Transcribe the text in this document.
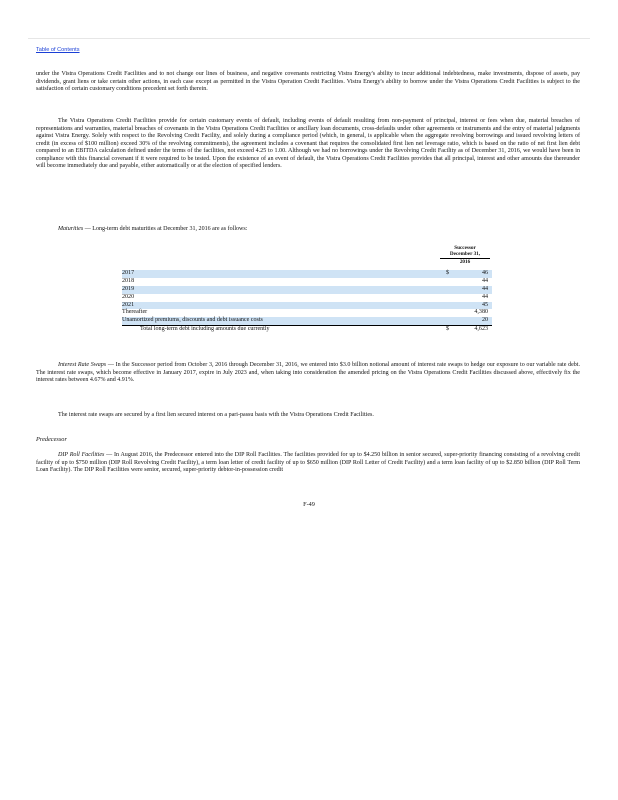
Table of Contents
under the Vistra Operations Credit Facilities and to not change our lines of business, and negative covenants restricting Vistra Energy's ability to incur additional indebtedness, make investments, dispose of assets, pay dividends, grant liens or take certain other actions, in each case except as permitted in the Vistra Operation Credit Facilities. Vistra Energy's ability to borrow under the Vistra Operations Credit Facilities is subject to the satisfaction of certain customary conditions precedent set forth therein.
The Vistra Operations Credit Facilities provide for certain customary events of default, including events of default resulting from non-payment of principal, interest or fees when due, material breaches of representations and warranties, material breaches of covenants in the Vistra Operations Credit Facilities or ancillary loan documents, cross-defaults under other agreements or instruments and the entry of material judgments against Vistra Energy. Solely with respect to the Revolving Credit Facility, and solely during a compliance period (which, in general, is applicable when the aggregate revolving borrowings and issued revolving letters of credit (in excess of $100 million) exceed 30% of the revolving commitments), the agreement includes a covenant that requires the consolidated first lien net leverage ratio, which is based on the ratio of net first lien debt compared to an EBITDA calculation defined under the terms of the facilities, not exceed 4.25 to 1.00. Although we had no borrowings under the Revolving Credit Facility as of December 31, 2016, we would have been in compliance with this financial covenant if it were required to be tested. Upon the existence of an event of default, the Vistra Operations Credit Facilities provides that all principal, interest and other amounts due thereunder will become immediately due and payable, either automatically or at the election of specified lenders.
Maturities — Long-term debt maturities at December 31, 2016 are as follows:
Successor

December 31,
2016
2017	$	46
2018	44
2019	44
2020	44
2021	45
Thereafter	4,380
Unamortized premiums, discounts and debt issuance costs	20
Total long-term debt including amounts due currently	$	4,623
Interest Rate Swaps — In the Successor period from October 3, 2016 through December 31, 2016, we entered into $3.0 billion notional amount of interest rate swaps to hedge our exposure to our variable rate debt. The interest rate swaps, which become effective in January 2017, expire in July 2023 and, when taking into consideration the amended pricing on the Vistra Operations Credit Facilities discussed above, effectively fix the interest rates between 4.67% and 4.91%.
The interest rate swaps are secured by a first lien secured interest on a pari-passu basis with the Vistra Operations Credit Facilities.
Predecessor
DIP Roll Facilities — In August 2016, the Predecessor entered into the DIP Roll Facilities. The facilities provided for up to $4.250 billion in senior secured, super-priority financing consisting of a revolving credit facility of up to $750 million (DIP Roll Revolving Credit Facility), a term loan letter of credit facility of up to $650 million (DIP Roll Letter of Credit Facility) and a term loan facility of up to $2.850 billion (DIP Roll Term Loan Facility). The DIP Roll Facilities were senior, secured, super-priority debtor-in-possession credit
F-49
